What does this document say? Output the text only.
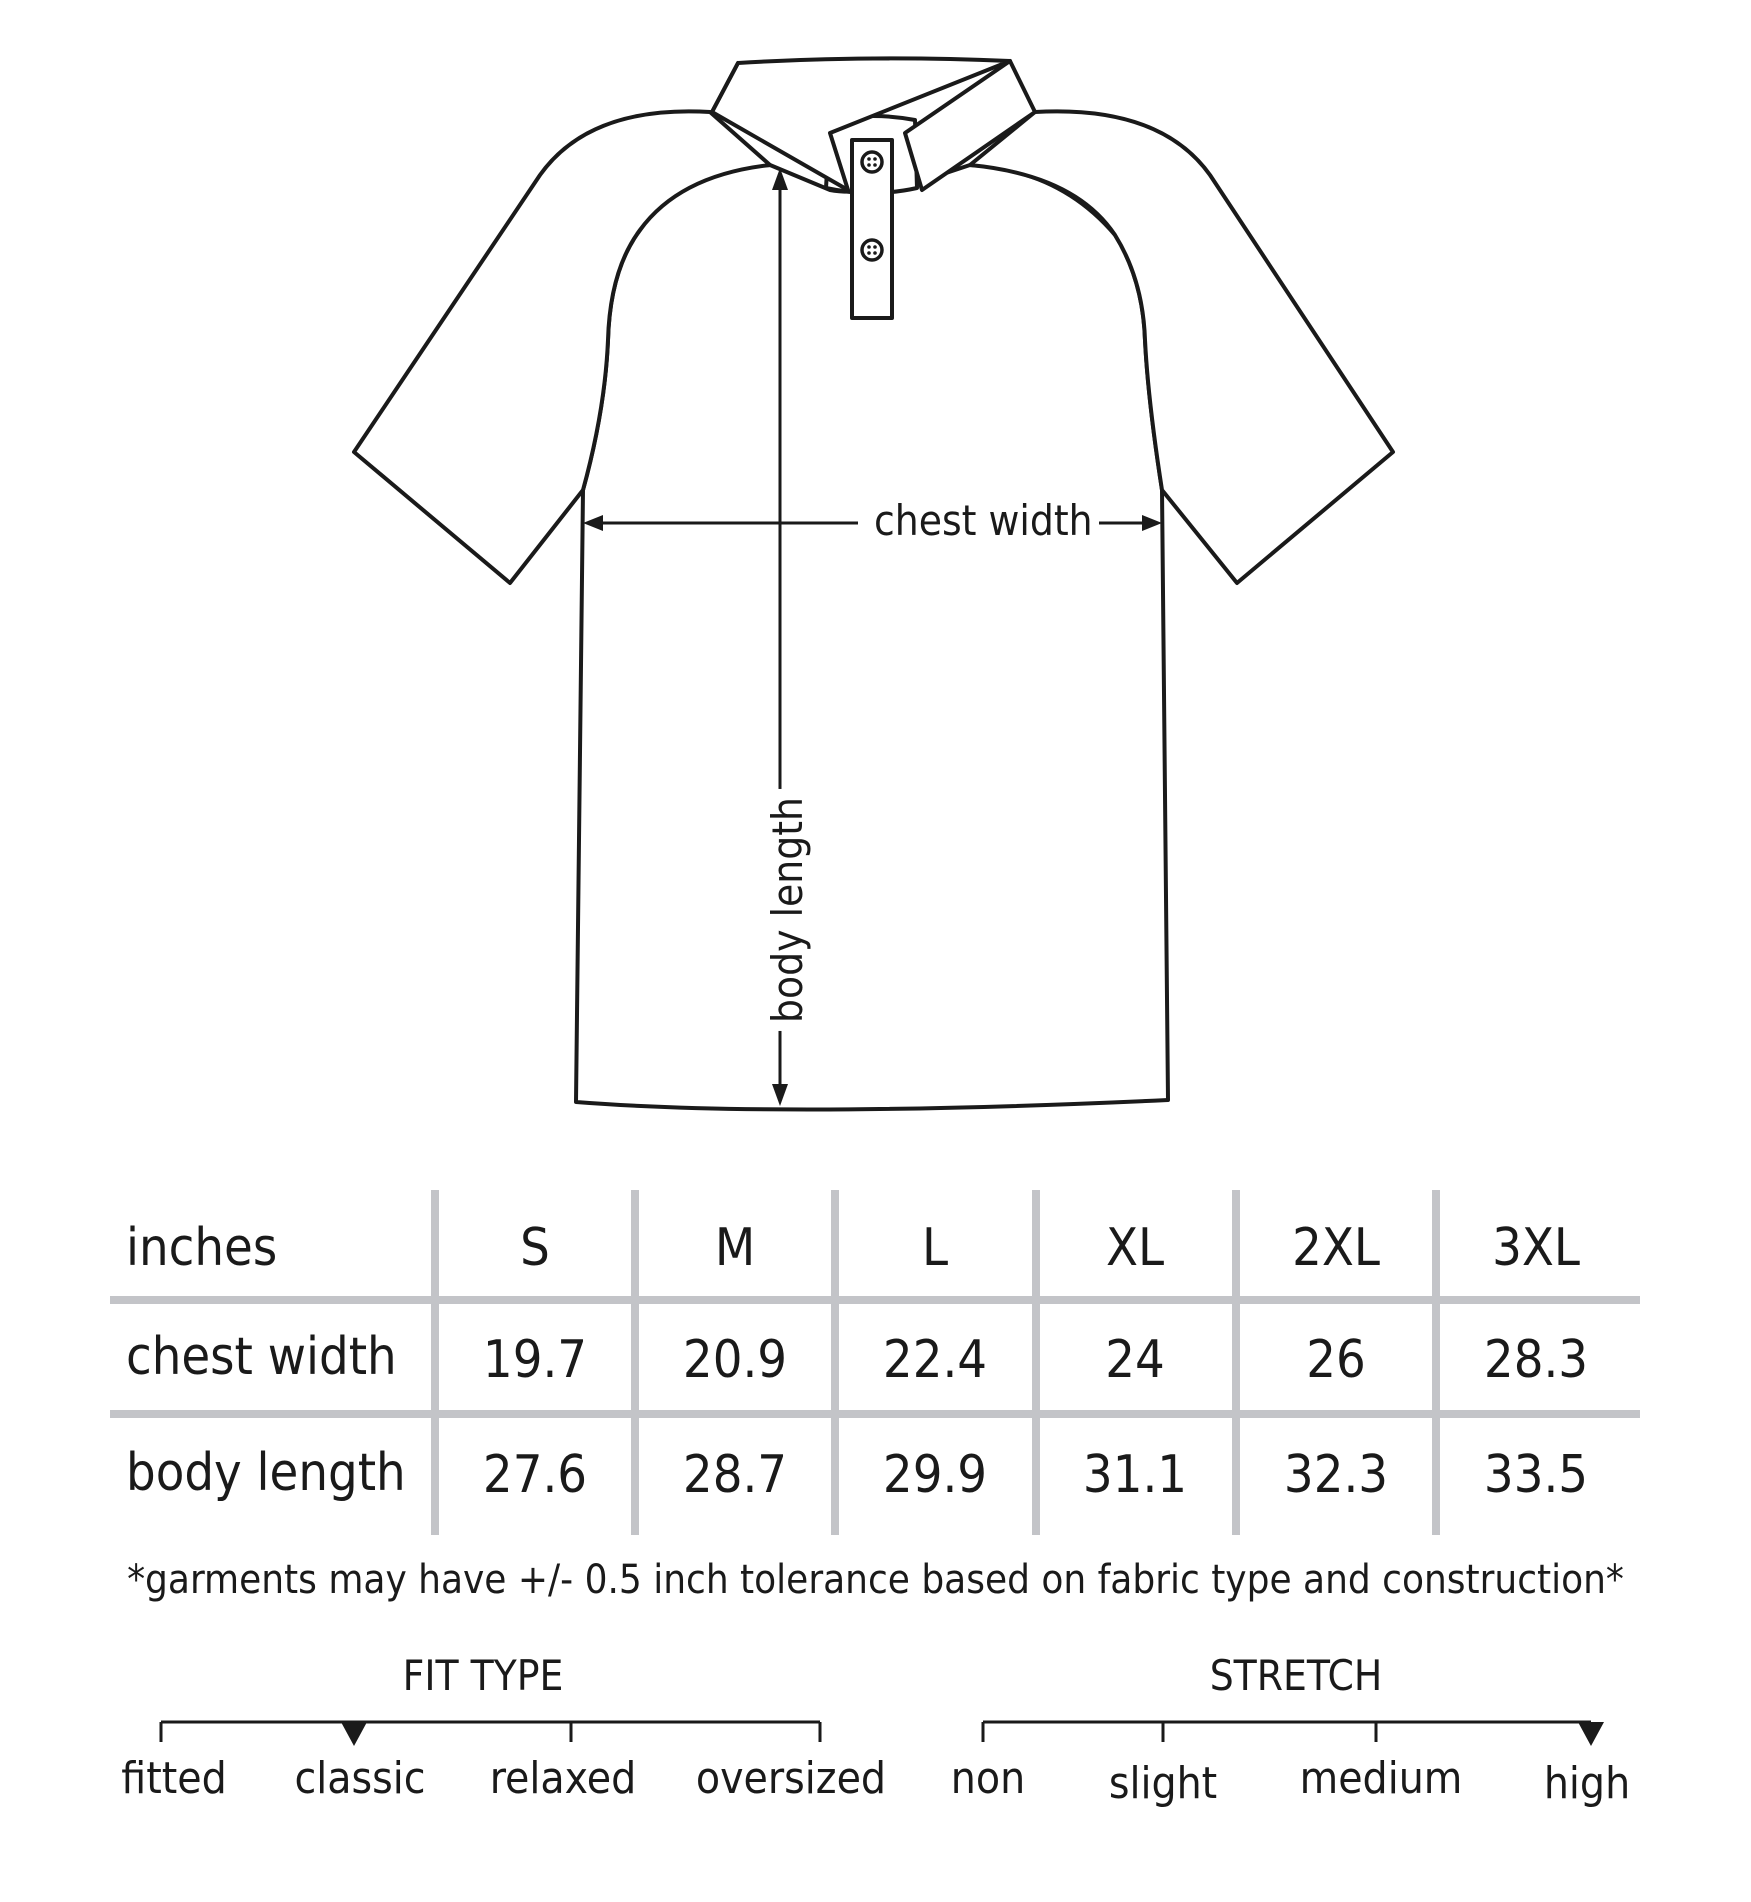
chest width
body length
inches	S	M	L	XL 2XL 3XL
chest width 19.7 20.9 22.4 24	26 28.3
body length 27.6 28.7 29.9 31.1 32.3 33.5
*garments may have +/- 0.5 inch tolerance based on fabric type and construction*
FIT TYPE	STRETCH
fitted classic relaxed oversized non slight medium high
